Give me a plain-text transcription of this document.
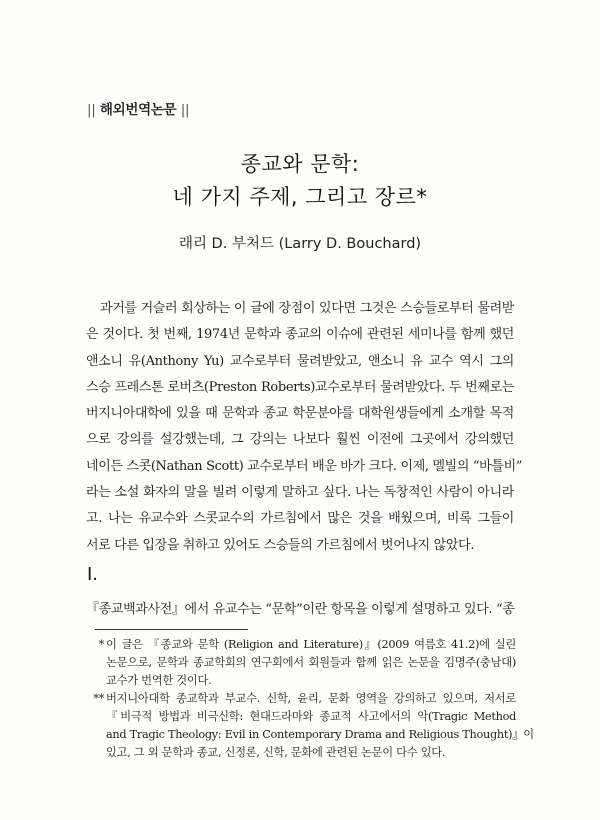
|| 해외번역논문 ||
종교와 문학:
네 가지 주제, 그리고 장르*
래리 D. 부처드 (Larry D. Bouchard)
과거를 거슬러 회상하는 이 글에 장점이 있다면 그것은 스승들로부터 물려받
은 것이다. 첫 번째, 1974년 문학과 종교의 이슈에 관련된 세미나를 함께 했던
앤소니 유(Anthony Yu) 교수로부터 물려받았고, 앤소니 유 교수 역시 그의
스승 프레스톤 로버츠(Preston Roberts)교수로부터 물려받았다. 두 번째로는
버지니아대학에 있을 때 문학과 종교 학문분야를 대학원생들에게 소개할 목적
으로 강의를 설강했는데, 그 강의는 나보다 훨씬 이전에 그곳에서 강의했던
네이든 스콧(Nathan Scott) 교수로부터 배운 바가 크다. 이제, 멜빌의 “바틀비”
라는 소설 화자의 말을 빌려 이렇게 말하고 싶다. 나는 독창적인 사람이 아니라
고. 나는 유교수와 스콧교수의 가르침에서 많은 것을 배웠으며, 비록 그들이
서로 다른 입장을 취하고 있어도 스승들의 가르침에서 벗어나지 않았다.
I.
『종교백과사전』에서 유교수는 “문학”이란 항목을 이렇게 설명하고 있다. “종
* 이 글은 『종교와 문학 (Religion and Literature)』(2009 여름호 41.2)에 실린
논문으로, 문학과 종교학회의 연구회에서 회원들과 함께 읽은 논문을 김명주(충남대)
교수가 번역한 것이다.
** 버지니아대학 종교학과 부교수. 신학, 윤리, 문화 영역을 강의하고 있으며, 저서로
『비극적 방법과 비극신학: 현대드라마와 종교적 사고에서의 악(Tragic Method
and Tragic Theology: Evil in Contemporary Drama and Religious Thought)』이
있고, 그 외 문학과 종교, 신정론, 신학, 문화에 관련된 논문이 다수 있다.
